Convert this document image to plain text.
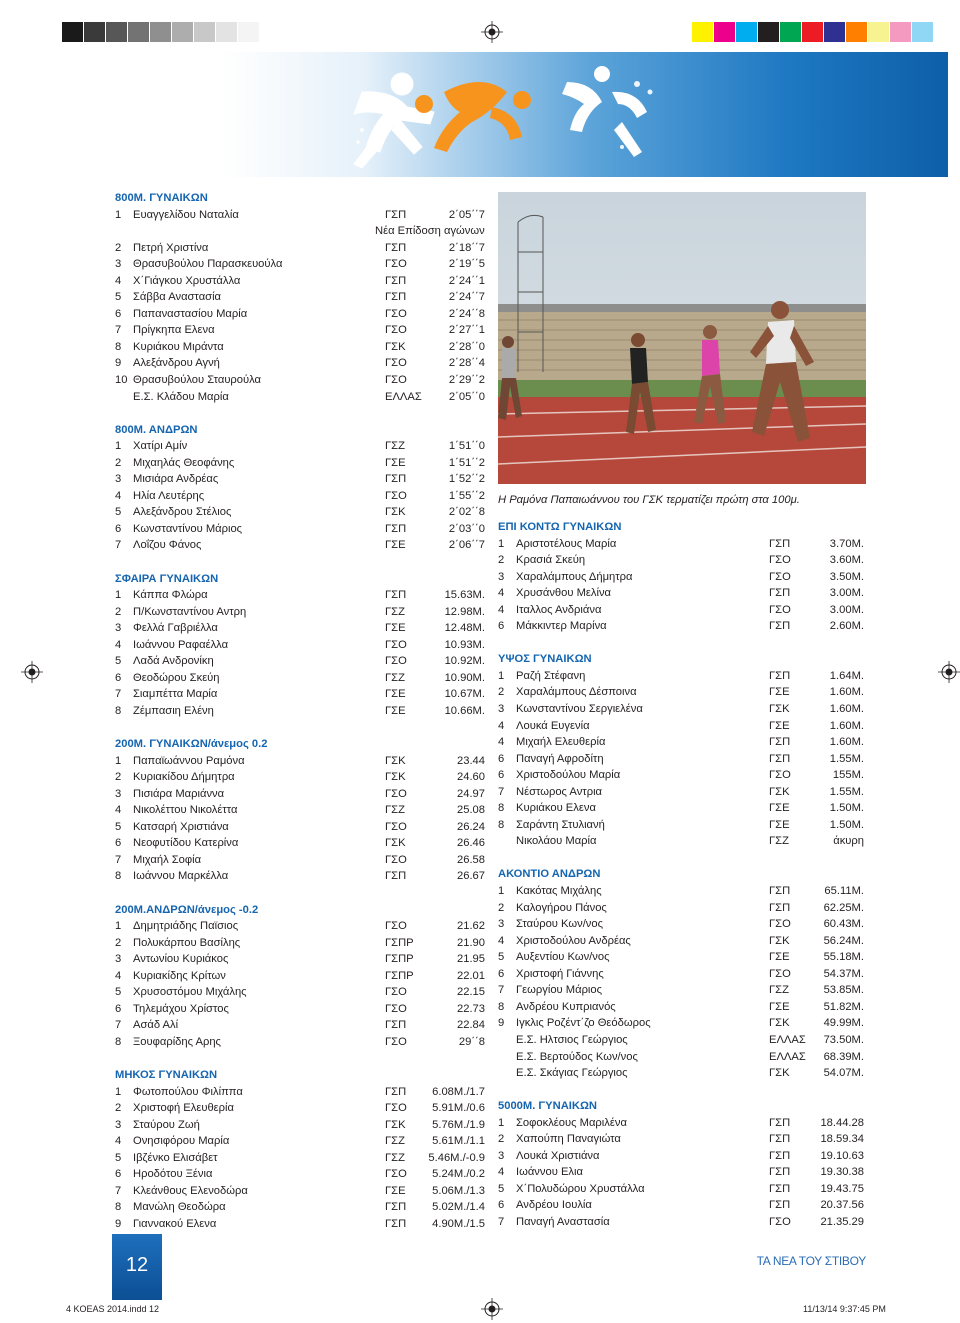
800Μ. ΓΥΝΑΙΚΩΝ
1 Ευαγγελίδου Ναταλία	ΓΣΠ	2΄05΄΄7
Νέα Επίδοση αγώνων
2 Πετρή Χριστίνα	ΓΣΠ	2΄18΄΄7
3 Θρασυβούλου Παρασκευούλα	ΓΣΟ	2΄19΄΄5
4 Χ΄Γιάγκου Χρυστάλλα	ΓΣΠ	2΄24΄΄1
5 Σάββα Αναστασία	ΓΣΠ	2΄24΄΄7
6 Παπαναστασίου Μαρία	ΓΣΟ	2΄24΄΄8
7 Πρίγκηπα Ελενα	ΓΣΟ	2΄27΄΄1
8 Κυριάκου Μιράντα	ΓΣΚ	2΄28΄΄0
9 Αλεξάνδρου Αγνή	ΓΣΟ	2΄28΄΄4
10 Θρασυβούλου Σταυρούλα	ΓΣΟ	2΄29΄΄2
Ε.Σ. Κλάδου Μαρία	ΕΛΛΑΣ	2΄05΄΄0
800Μ. ΑΝΔΡΩΝ
1 Χατίρι Αμίν	ΓΣΖ	1΄51΄΄0
2 Μιχαηλάς Θεοφάνης	ΓΣΕ	1΄51΄΄2
3 Μισιάρα Ανδρέας	ΓΣΠ	1΄52΄΄2
4 Ηλία Λευτέρης	ΓΣΟ	1΄55΄΄2
5 Αλεξάνδρου Στέλιος	ΓΣΚ	2΄02΄΄8
6 Κωνσταντίνου Μάριος	ΓΣΠ	2΄03΄΄0
7 Λοΐζου Φάνος	ΓΣΕ	2΄06΄΄7
ΣΦΑΙΡΑ ΓΥΝΑΙΚΩΝ
1 Κάππα Φλώρα	ΓΣΠ	15.63Μ.
2 Π/Κωνσταντίνου Αντρη	ΓΣΖ	12.98Μ.
3 Φελλά Γαβριέλλα	ΓΣΕ	12.48Μ.
4 Ιωάννου Ραφαέλλα	ΓΣΟ	10.93Μ.
5 Λαδά Ανδρονίκη	ΓΣΟ	10.92Μ.
6 Θεοδώρου Σκεύη	ΓΣΖ	10.90Μ.
7 Σιαμπέττα Μαρία	ΓΣΕ	10.67Μ.
8 Ζέμπασιη Ελένη	ΓΣΕ	10.66Μ.
200Μ. ΓΥΝΑΙΚΩΝ/άνεμος 0.2
1 Παπαϊωάννου Ραμόνα	ΓΣΚ	23.44
2 Κυριακίδου Δήμητρα	ΓΣΚ	24.60
3 Πισιάρα Μαριάννα	ΓΣΟ	24.97
4 Νικολέττου Νικολέττα	ΓΣΖ	25.08
5 Κατσαρή Χριστιάνα	ΓΣΟ	26.24
6 Νεοφυτίδου Κατερίνα	ΓΣΚ	26.46
7 Μιχαήλ Σοφία	ΓΣΟ	26.58
8 Ιωάννου Μαρκέλλα	ΓΣΠ	26.67
200Μ.ΑΝΔΡΩΝ/άνεμος -0.2
1 Δημητριάδης Παϊσιος	ΓΣΟ	21.62
2 Πολυκάρπου Βασίλης	ΓΣΠΡ	21.90
3 Αντωνίου Κυριάκος	ΓΣΠΡ	21.95
4 Κυριακίδης Κρίτων	ΓΣΠΡ	22.01
5 Χρυσοστόμου Μιχάλης	ΓΣΟ	22.15
6 Τηλεμάχου Χρίστος	ΓΣΟ	22.73
7 Ασάδ Αλί	ΓΣΠ	22.84
8 Ξουφαρίδης Αρης	ΓΣΟ	29΄΄8
ΜΗΚΟΣ ΓΥΝΑΙΚΩΝ
1 Φωτοπούλου Φιλίππα	ΓΣΠ	6.08Μ./1.7
2 Χριστοφή Ελευθερία	ΓΣΟ	5.91Μ./0.6
3 Σταύρου Ζωή	ΓΣΚ	5.76Μ./1.9
4 Ονησιφόρου Μαρία	ΓΣΖ	5.61Μ./1.1
5 Ιβζένκο Ελισάβετ	ΓΣΖ	5.46Μ./-0.9
6 Ηροδότου Ξένια	ΓΣΟ	5.24Μ./0.2
7 Κλεάνθους Ελενοδώρα	ΓΣΕ	5.06Μ./1.3
8 Μανώλη Θεοδώρα	ΓΣΠ	5.02Μ./1.4
9 Γιαννακού Ελενα	ΓΣΠ	4.90Μ./1.5
Η Ραμόνα Παπαιωάννου του ΓΣΚ τερματίζει πρώτη στα 100μ.
ΕΠΙ ΚΟΝΤΩ ΓΥΝΑΙΚΩΝ
1 Αριστοτέλους Μαρία	ΓΣΠ	3.70Μ.
2 Κρασιά Σκεύη	ΓΣΟ	3.60Μ.
3 Χαραλάμπους Δήμητρα	ΓΣΟ	3.50Μ.
4 Χρυσάνθου Μελίνα	ΓΣΠ	3.00Μ.
4 Ιταλλος Ανδριάνα	ΓΣΟ	3.00Μ.
6 Μάκκιντερ Μαρίνα	ΓΣΠ	2.60Μ.
ΥΨΟΣ ΓΥΝΑΙΚΩΝ
1 Ραζή Στέφανη	ΓΣΠ	1.64Μ.
2 Χαραλάμπους Δέσποινα	ΓΣΕ	1.60Μ.
3 Κωνσταντίνου Σεργιελένα	ΓΣΚ	1.60Μ.
4 Λουκά Ευγενία	ΓΣΕ	1.60Μ.
4 Μιχαήλ Ελευθερία	ΓΣΠ	1.60Μ.
6 Παναγή Αφροδίτη	ΓΣΠ	1.55Μ.
6 Χριστοδούλου Μαρία	ΓΣΟ	155Μ.
7 Νέστωρος Αντρια	ΓΣΚ	1.55Μ.
8 Κυριάκου Ελενα	ΓΣΕ	1.50Μ.
8 Σαράντη Στυλιανή	ΓΣΕ	1.50Μ.
Νικολάου Μαρία	ΓΣΖ	άκυρη
ΑΚΟΝΤΙΟ ΑΝΔΡΩΝ
1 Κακότας Μιχάλης	ΓΣΠ	65.11Μ.
2 Καλογήρου Πάνος	ΓΣΠ	62.25Μ.
3 Σταύρου Κων/νος	ΓΣΟ	60.43Μ.
4 Χριστοδούλου Ανδρέας	ΓΣΚ	56.24Μ.
5 Αυξεντίου Κων/νος	ΓΣΕ	55.18Μ.
6 Χριστοφή Γιάννης	ΓΣΟ	54.37Μ.
7 Γεωργίου Μάριος	ΓΣΖ	53.85Μ.
8 Ανδρέου Κυπριανός	ΓΣΕ	51.82Μ.
9 Ιγκλις Ροζέντ΄ζο Θεόδωρος	ΓΣΚ	49.99Μ.
Ε.Σ. Ηλτσιος Γεώργιος	ΕΛΛΑΣ	73.50Μ.
Ε.Σ. Βερτούδος Κων/νος	ΕΛΛΑΣ	68.39Μ.
Ε.Σ. Σκάγιας Γεώργιος	ΓΣΚ	54.07Μ.
5000Μ. ΓΥΝΑΙΚΩΝ
1 Σοφοκλέους Μαριλένα	ΓΣΠ	18.44.28
2 Χαπούπη Παναγιώτα	ΓΣΠ	18.59.34
3 Λουκά Χριστιάνα	ΓΣΠ	19.10.63
4 Ιωάννου Ελια	ΓΣΠ	19.30.38
5 Χ΄Πολυδώρου Χρυστάλλα	ΓΣΠ	19.43.75
6 Ανδρέου Ιουλία	ΓΣΠ	20.37.56
7 Παναγή Αναστασία	ΓΣΟ	21.35.29
12	ΤΑ ΝΕΑ ΤΟΥ ΣΤΙΒΟΥ
4 KOEAS 2014.indd 12	11/13/14 9:37:45 PM
